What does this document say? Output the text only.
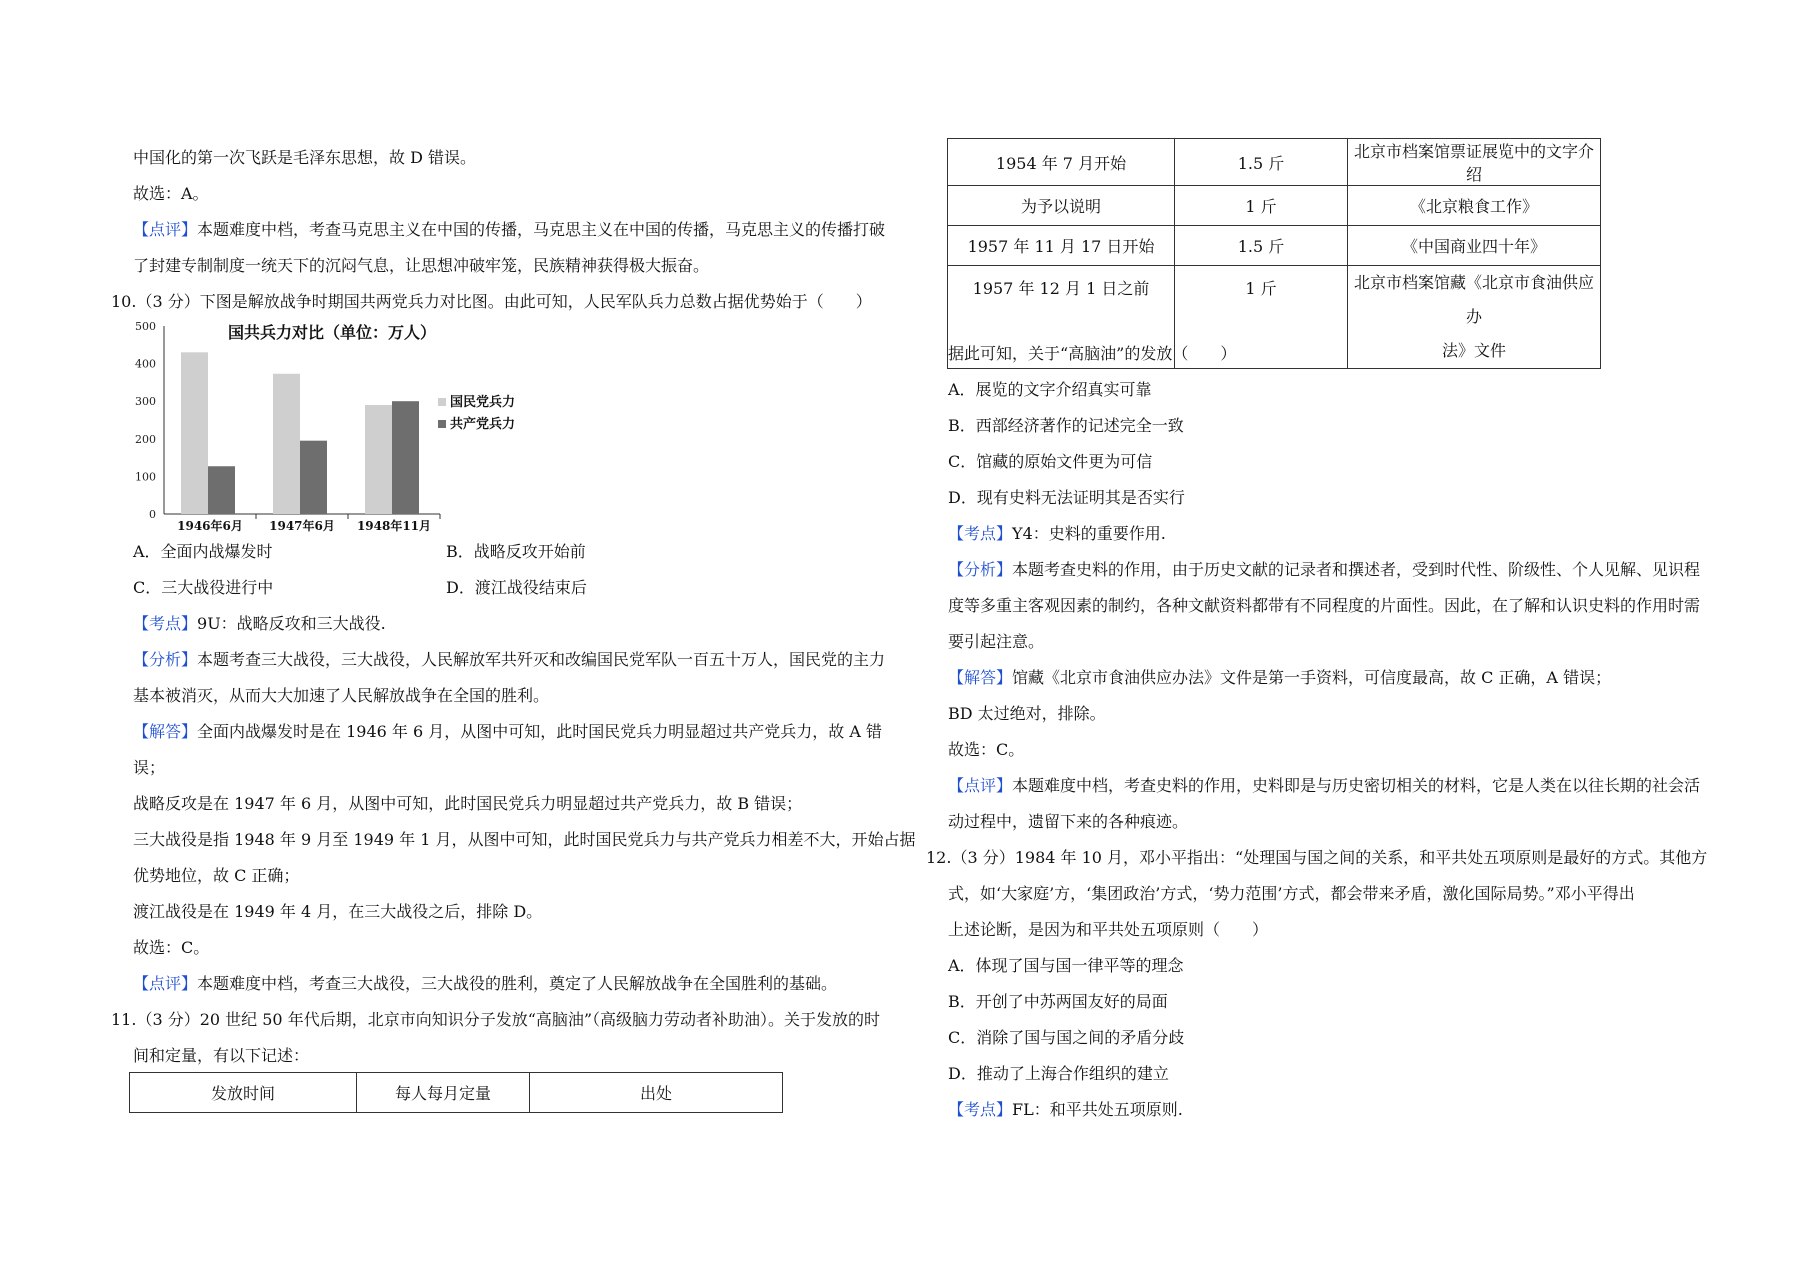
中国化的第一次飞跃是毛泽东思想，故 D 错误。
故选：A。
【点评】本题难度中档，考查马克思主义在中国的传播，马克思主义在中国的传播，马克思主义的传播打破
了封建专制制度一统天下的沉闷气息，让思想冲破牢笼，民族精神获得极大振奋。
10.（3 分）下图是解放战争时期国共两党兵力对比图。由此可知，人民军队兵力总数占据优势始于（　　）
国共兵力对比（单位：万人）
0
100
200
300
400
500
1946年6月 1947年6月 1948年11月
国民党兵力
共产党兵力
A．全面内战爆发时	B．战略反攻开始前
C．三大战役进行中	D．渡江战役结束后
【考点】9U：战略反攻和三大战役.
【分析】本题考查三大战役，三大战役，人民解放军共歼灭和改编国民党军队一百五十万人，国民党的主力
基本被消灭，从而大大加速了人民解放战争在全国的胜利。
【解答】全面内战爆发时是在 1946 年 6 月，从图中可知，此时国民党兵力明显超过共产党兵力，故 A 错
误；
战略反攻是在 1947 年 6 月，从图中可知，此时国民党兵力明显超过共产党兵力，故 B 错误；
三大战役是指 1948 年 9 月至 1949 年 1 月，从图中可知，此时国民党兵力与共产党兵力相差不大，开始占据
优势地位，故 C 正确；
渡江战役是在 1949 年 4 月，在三大战役之后，排除 D。
故选：C。
【点评】本题难度中档，考查三大战役，三大战役的胜利，奠定了人民解放战争在全国胜利的基础。
11.（3 分）20 世纪 50 年代后期，北京市向知识分子发放“高脑油”（高级脑力劳动者补助油）。关于发放的时
间和定量，有以下记述：
发放时间	每人每月定量	出处
1954 年 7 月开始	1.5 斤	北京市档案馆票证展览中的文字介绍
为予以说明	1 斤	《北京粮食工作》
1957 年 11 月 17 日开始	1.5 斤	《中国商业四十年》
1957 年 12 月 1 日之前	1 斤	北京市档案馆藏《北京市食油供应办
法》文件
据此可知，关于“高脑油”的发放（　　）
A．展览的文字介绍真实可靠
B．西部经济著作的记述完全一致
C．馆藏的原始文件更为可信
D．现有史料无法证明其是否实行
【考点】Y4：史料的重要作用.
【分析】本题考查史料的作用，由于历史文献的记录者和撰述者，受到时代性、阶级性、个人见解、见识程
度等多重主客观因素的制约，各种文献资料都带有不同程度的片面性。因此，在了解和认识史料的作用时需
要引起注意。
【解答】馆藏《北京市食油供应办法》文件是第一手资料，可信度最高，故 C 正确，A 错误；
BD 太过绝对，排除。
故选：C。
【点评】本题难度中档，考查史料的作用，史料即是与历史密切相关的材料，它是人类在以往长期的社会活
动过程中，遗留下来的各种痕迹。
12.（3 分）1984 年 10 月，邓小平指出：“处理国与国之间的关系，和平共处五项原则是最好的方式。其他方
式，如‘大家庭’方，‘集团政治’方式，‘势力范围’方式，都会带来矛盾，激化国际局势。”邓小平得出
上述论断，是因为和平共处五项原则（　　）
A．体现了国与国一律平等的理念
B．开创了中苏两国友好的局面
C．消除了国与国之间的矛盾分歧
D．推动了上海合作组织的建立
【考点】FL：和平共处五项原则.
